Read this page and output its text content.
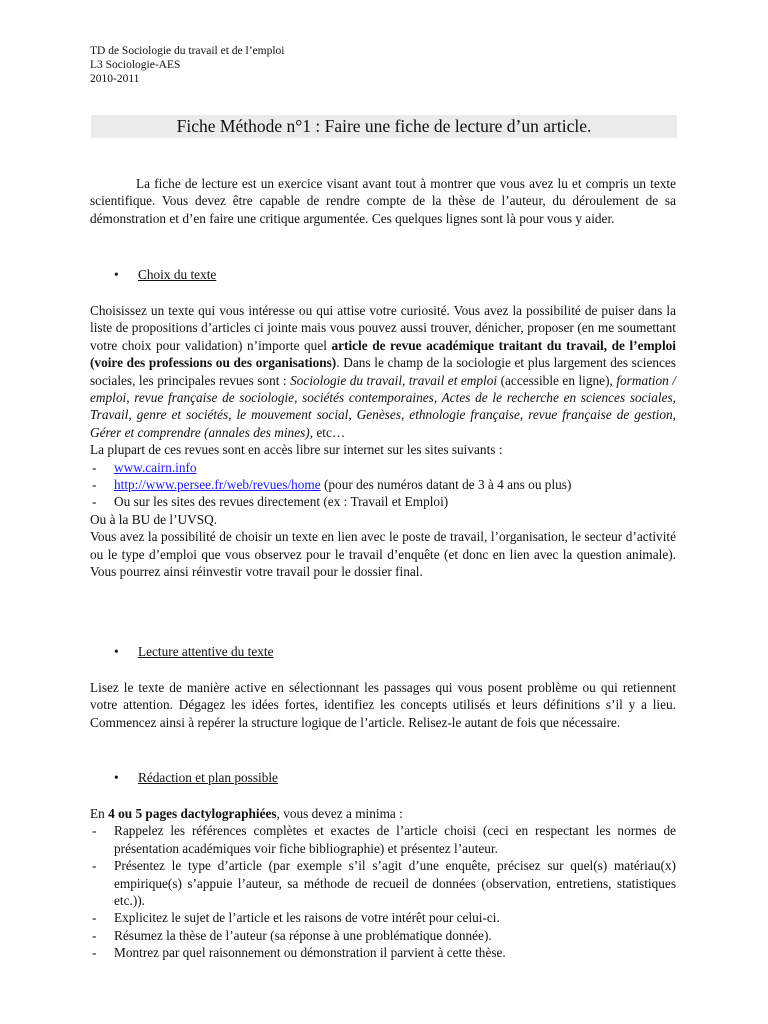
TD de Sociologie du travail et de l’emploi
L3 Sociologie-AES
2010-2011
Fiche Méthode n°1 : Faire une fiche de lecture d’un article.

La fiche de lecture est un exercice visant avant tout à montrer que vous avez lu et compris un texte scientifique. Vous devez être capable de rendre compte de la thèse de l’auteur, du déroulement de sa démonstration et d’en faire une critique argumentée. Ces quelques lignes sont là pour vous y aider.

• Choix du texte

Choisissez un texte qui vous intéresse ou qui attise votre curiosité. Vous avez la possibilité de puiser dans la liste de propositions d’articles ci jointe mais vous pouvez aussi trouver, dénicher, proposer (en me soumettant votre choix pour validation) n’importe quel article de revue académique traitant du travail, de l’emploi (voire des professions ou des organisations). Dans le champ de la sociologie et plus largement des sciences sociales, les principales revues sont : Sociologie du travail, travail et emploi (accessible en ligne), formation / emploi, revue française de sociologie, sociétés contemporaines, Actes de le recherche en sciences sociales, Travail, genre et sociétés, le mouvement social, Genèses, ethnologie française, revue française de gestion, Gérer et comprendre (annales des mines), etc…

La plupart de ces revues sont en accès libre sur internet sur les sites suivants :

- www.cairn.info
- http://www.persee.fr/web/revues/home (pour des numéros datant de 3 à 4 ans ou plus)
- Ou sur les sites des revues directement (ex : Travail et Emploi)

Ou à la BU de l’UVSQ.

Vous avez la possibilité de choisir un texte en lien avec le poste de travail, l’organisation, le secteur d’activité ou le type d’emploi que vous observez pour le travail d’enquête (et donc en lien avec la question animale). Vous pourrez ainsi réinvestir votre travail pour le dossier final.

• Lecture attentive du texte

Lisez le texte de manière active en sélectionnant les passages qui vous posent problème ou qui retiennent votre attention. Dégagez les idées fortes, identifiez les concepts utilisés et leurs définitions s’il y a lieu. Commencez ainsi à repérer la structure logique de l’article. Relisez-le autant de fois que nécessaire.

• Rédaction et plan possible

En 4 ou 5 pages dactylographiées, vous devez a minima :

- Rappelez les références complètes et exactes de l’article choisi (ceci en respectant les normes de présentation académiques voir fiche bibliographie) et présentez l’auteur.
- Présentez le type d’article (par exemple s’il s’agit d’une enquête, précisez sur quel(s) matériau(x) empirique(s) s’appuie l’auteur, sa méthode de recueil de données (observation, entretiens, statistiques etc.)).
- Explicitez le sujet de l’article et les raisons de votre intérêt pour celui-ci.
- Résumez la thèse de l’auteur (sa réponse à une problématique donnée).
- Montrez par quel raisonnement ou démonstration il parvient à cette thèse.
